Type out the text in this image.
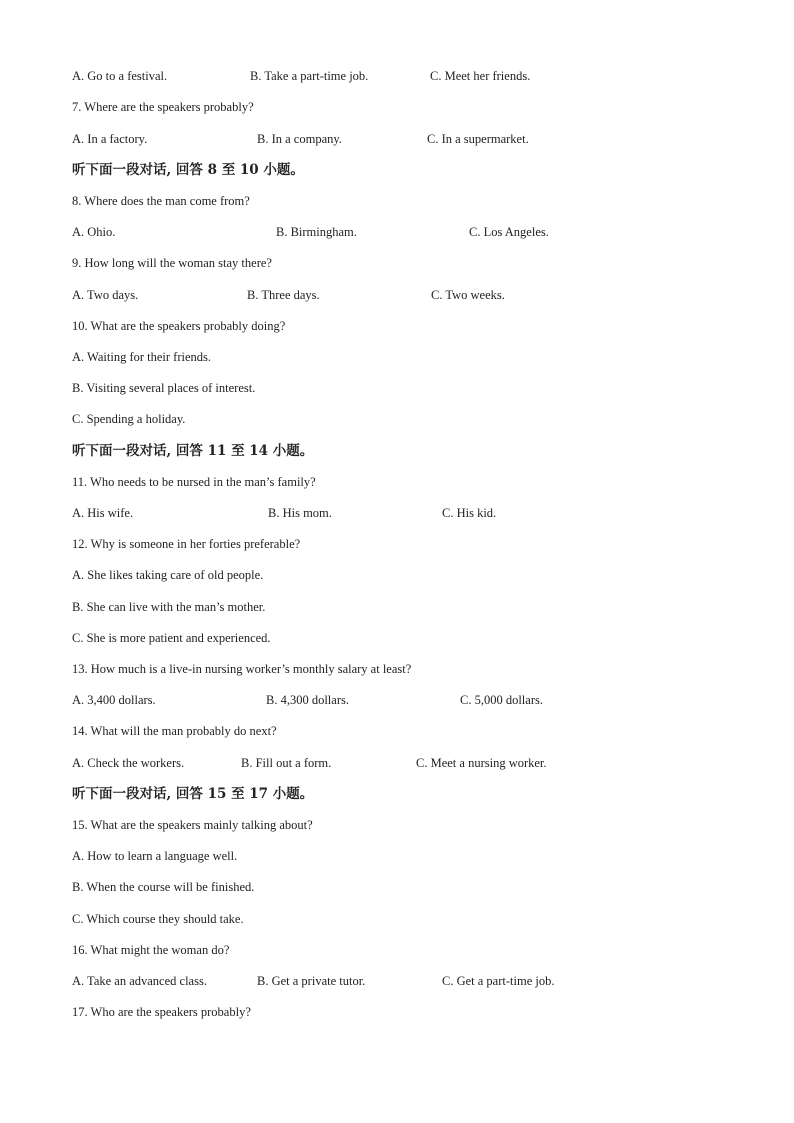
A. Go to a festival.	B. Take a part-time job.	C. Meet her friends.
7. Where are the speakers probably?
A. In a factory.	B. In a company.	C. In a supermarket.
听下面一段对话, 回答 8 至 10 小题。
8. Where does the man come from?
A. Ohio.	B. Birmingham.	C. Los Angeles.
9. How long will the woman stay there?
A. Two days.	B. Three days.	C. Two weeks.
10. What are the speakers probably doing?
A. Waiting for their friends.
B. Visiting several places of interest.
C. Spending a holiday.
听下面一段对话, 回答 11 至 14 小题。
11. Who needs to be nursed in the man’s family?
A. His wife.	B. His mom.	C. His kid.
12. Why is someone in her forties preferable?
A. She likes taking care of old people.
B. She can live with the man’s mother.
C. She is more patient and experienced.
13. How much is a live-in nursing worker’s monthly salary at least?
A. 3,400 dollars.	B. 4,300 dollars.	C. 5,000 dollars.
14. What will the man probably do next?
A. Check the workers.	B. Fill out a form.	C. Meet a nursing worker.
听下面一段对话, 回答 15 至 17 小题。
15. What are the speakers mainly talking about?
A. How to learn a language well.
B. When the course will be finished.
C. Which course they should take.
16. What might the woman do?
A. Take an advanced class.	B. Get a private tutor.	C. Get a part-time job.
17. Who are the speakers probably?
